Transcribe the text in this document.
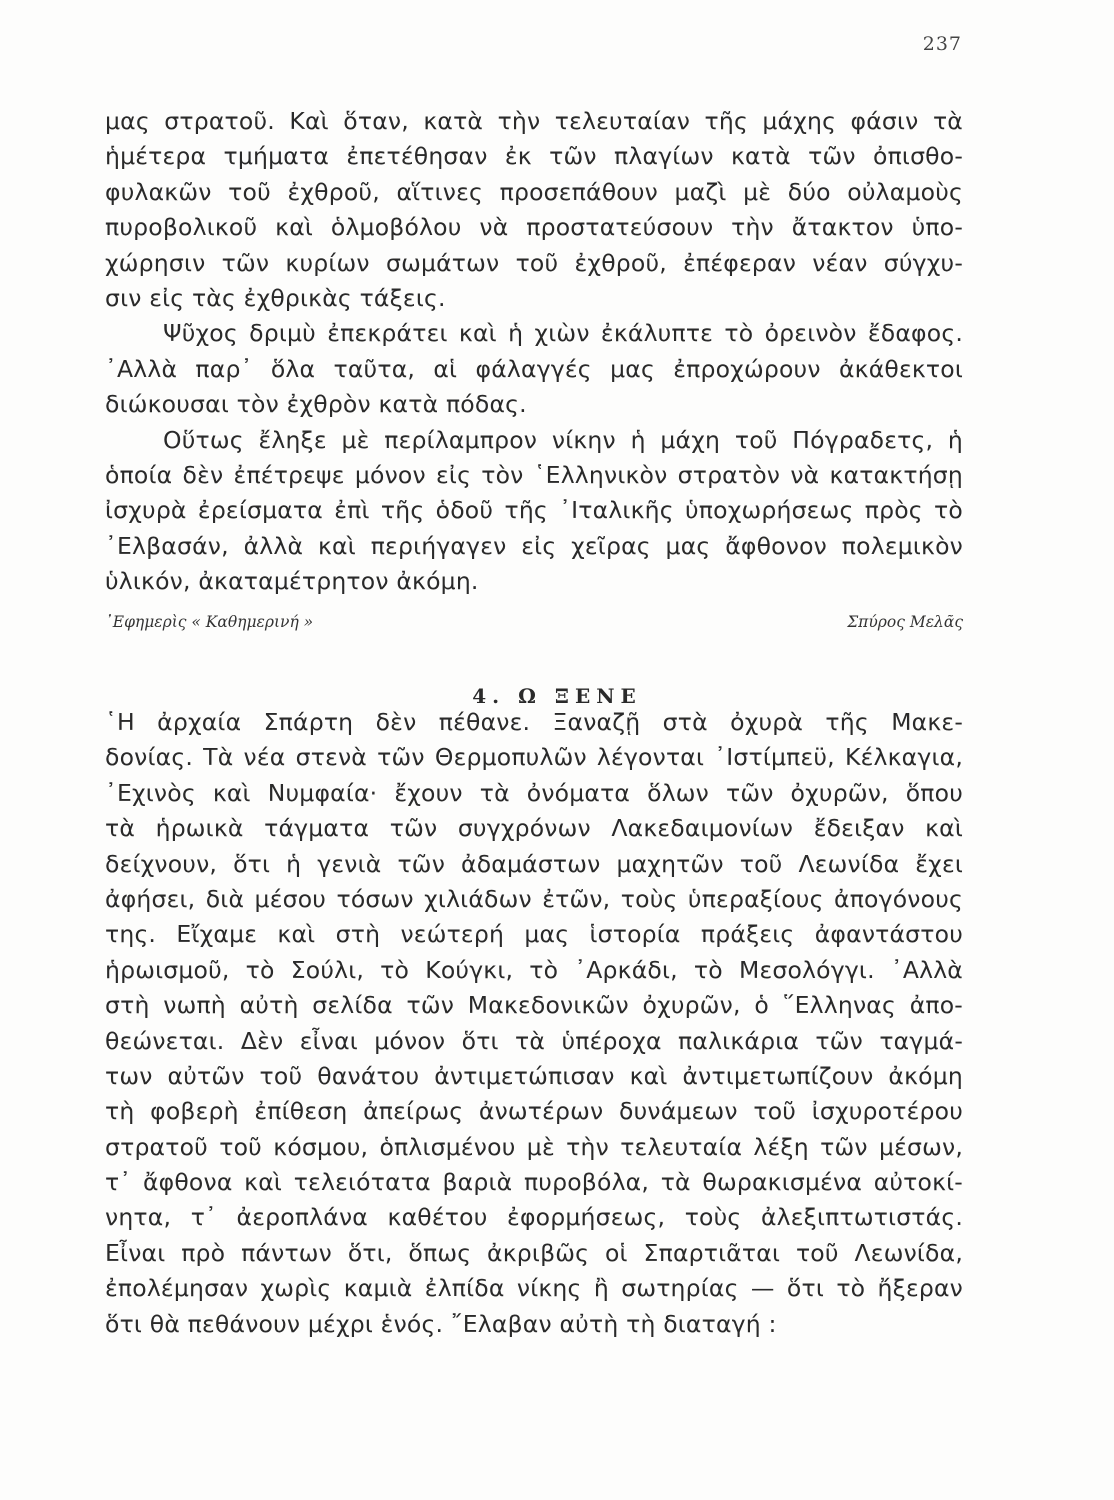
237
μας στρατοῦ. Καὶ ὅταν, κατὰ τὴν τελευταίαν τῆς μάχης φάσιν τὰ
ἡμέτερα τμήματα ἐπετέθησαν ἐκ τῶν πλαγίων κατὰ τῶν ὀπισθο-
φυλακῶν τοῦ ἐχθροῦ, αἵτινες προσεπάθουν μαζὶ μὲ δύο οὐλαμοὺς
πυροβολικοῦ καὶ ὁλμοβόλου νὰ προστατεύσουν τὴν ἄτακτον ὑπο-
χώρησιν τῶν κυρίων σωμάτων τοῦ ἐχθροῦ, ἐπέφεραν νέαν σύγχυ-
σιν εἰς τὰς ἐχθρικὰς τάξεις.
Ψῦχος δριμὺ ἐπεκράτει καὶ ἡ χιὼν ἐκάλυπτε τὸ ὀρεινὸν ἔδαφος.
᾿Αλλὰ παρ᾿ ὅλα ταῦτα, αἱ φάλαγγές μας ἐπροχώρουν ἀκάθεκτοι
διώκουσαι τὸν ἐχθρὸν κατὰ πόδας.
Οὕτως ἔληξε μὲ περίλαμπρον νίκην ἡ μάχη τοῦ Πόγραδετς, ἡ
ὁποία δὲν ἐπέτρεψε μόνον εἰς τὸν ῾Ελληνικὸν στρατὸν νὰ κατακτήσῃ
ἰσχυρὰ ἐρείσματα ἐπὶ τῆς ὁδοῦ τῆς ᾿Ιταλικῆς ὑποχωρήσεως πρὸς τὸ
᾿Ελβασάν, ἀλλὰ καὶ περιήγαγεν εἰς χεῖρας μας ἄφθονον πολεμικὸν
ὑλικόν, ἀκαταμέτρητον ἀκόμη.
᾿Εφημερὶς « Καθημερινή »	Σπύρος Μελᾶς
4. Ω ΞΕΝΕ
῾Η ἀρχαία Σπάρτη δὲν πέθανε. Ξαναζῇ στὰ ὀχυρὰ τῆς Μακε-
δονίας. Τὰ νέα στενὰ τῶν Θερμοπυλῶν λέγονται ᾿Ιστίμπεϋ, Κέλκαγια,
᾿Εχινὸς καὶ Νυμφαία· ἔχουν τὰ ὀνόματα ὅλων τῶν ὀχυρῶν, ὅπου
τὰ ἡρωικὰ τάγματα τῶν συγχρόνων Λακεδαιμονίων ἔδειξαν καὶ
δείχνουν, ὅτι ἡ γενιὰ τῶν ἀδαμάστων μαχητῶν τοῦ Λεωνίδα ἔχει
ἀφήσει, διὰ μέσου τόσων χιλιάδων ἐτῶν, τοὺς ὑπεραξίους ἀπογόνους
της. Εἴχαμε καὶ στὴ νεώτερή μας ἱστορία πράξεις ἀφαντάστου
ἡρωισμοῦ, τὸ Σούλι, τὸ Κούγκι, τὸ ᾿Αρκάδι, τὸ Μεσολόγγι. ᾿Αλλὰ
στὴ νωπὴ αὐτὴ σελίδα τῶν Μακεδονικῶν ὀχυρῶν, ὁ ῞Ελληνας ἀπο-
θεώνεται. Δὲν εἶναι μόνον ὅτι τὰ ὑπέροχα παλικάρια τῶν ταγμά-
των αὐτῶν τοῦ θανάτου ἀντιμετώπισαν καὶ ἀντιμετωπίζουν ἀκόμη
τὴ φοβερὴ ἐπίθεση ἀπείρως ἀνωτέρων δυνάμεων τοῦ ἰσχυροτέρου
στρατοῦ τοῦ κόσμου, ὁπλισμένου μὲ τὴν τελευταία λέξη τῶν μέσων,
τ᾿ ἄφθονα καὶ τελειότατα βαριὰ πυροβόλα, τὰ θωρακισμένα αὐτοκί-
νητα, τ᾿ ἀεροπλάνα καθέτου ἐφορμήσεως, τοὺς ἀλεξιπτωτιστάς.
Εἶναι πρὸ πάντων ὅτι, ὅπως ἀκριβῶς οἱ Σπαρτιᾶται τοῦ Λεωνίδα,
ἐπολέμησαν χωρὶς καμιὰ ἐλπίδα νίκης ἢ σωτηρίας — ὅτι τὸ ἤξεραν
ὅτι θὰ πεθάνουν μέχρι ἑνός. ῎Ελαβαν αὐτὴ τὴ διαταγή :
